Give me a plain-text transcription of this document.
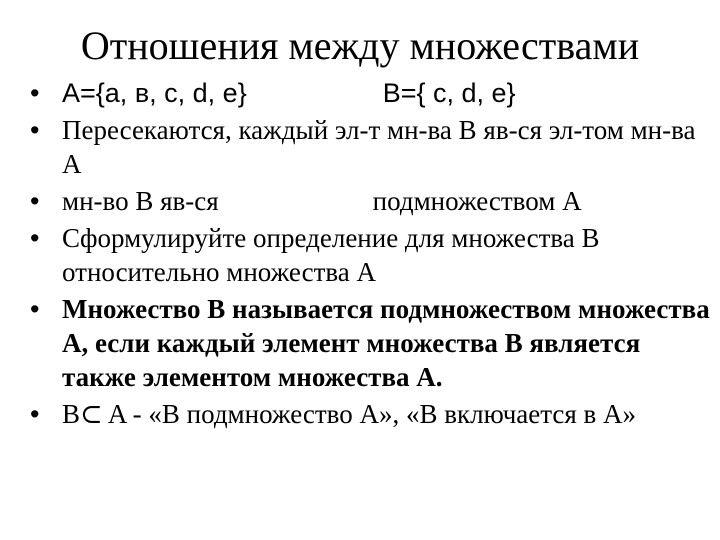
Отношения между множествами
• A={a, в, c, d, e}	B={ c, d, e}
• Пересекаются, каждый эл-т мн-ва В яв-ся эл-том мн-ва А
• мн-во В яв-ся	подмножеством А
• Сформулируйте определение для множества В относительно множества А
• Множество В называется подмножеством множества А, если каждый элемент множества В является также элементом множества А.
• B⊂ A - «В подмножество А», «В включается в А»
